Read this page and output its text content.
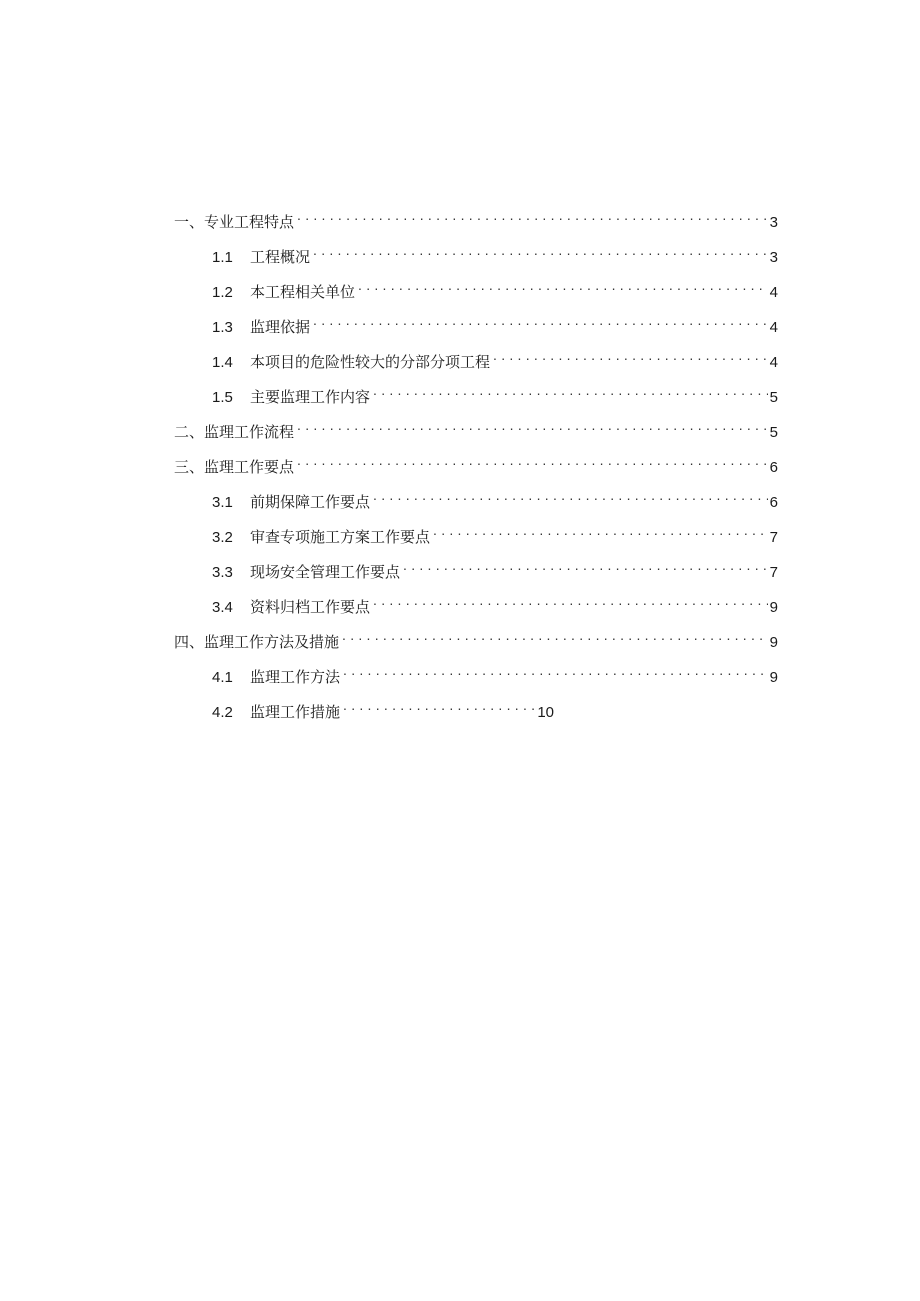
一、专业工程特点 . . .	3
1.1	工程概况 . . .	3
1.2	本工程相关单位 . . .	4
1.3	监理依据 . . .	4
1.4	本项目的危险性较大的分部分项工程 . . .	4
1.5	主要监理工作内容 . . .	5
二、监理工作流程 . . .	5
三、监理工作要点 . . .	6
3.1	前期保障工作要点 . . .	6
3.2	审查专项施工方案工作要点 . . .	7
3.3	现场安全管理工作要点 . . .	7
3.4	资料归档工作要点 . . .	9
四、监理工作方法及措施 . . .	9
4.1	监理工作方法 . . .	9
4.2	监理工作措施 . . .	10
